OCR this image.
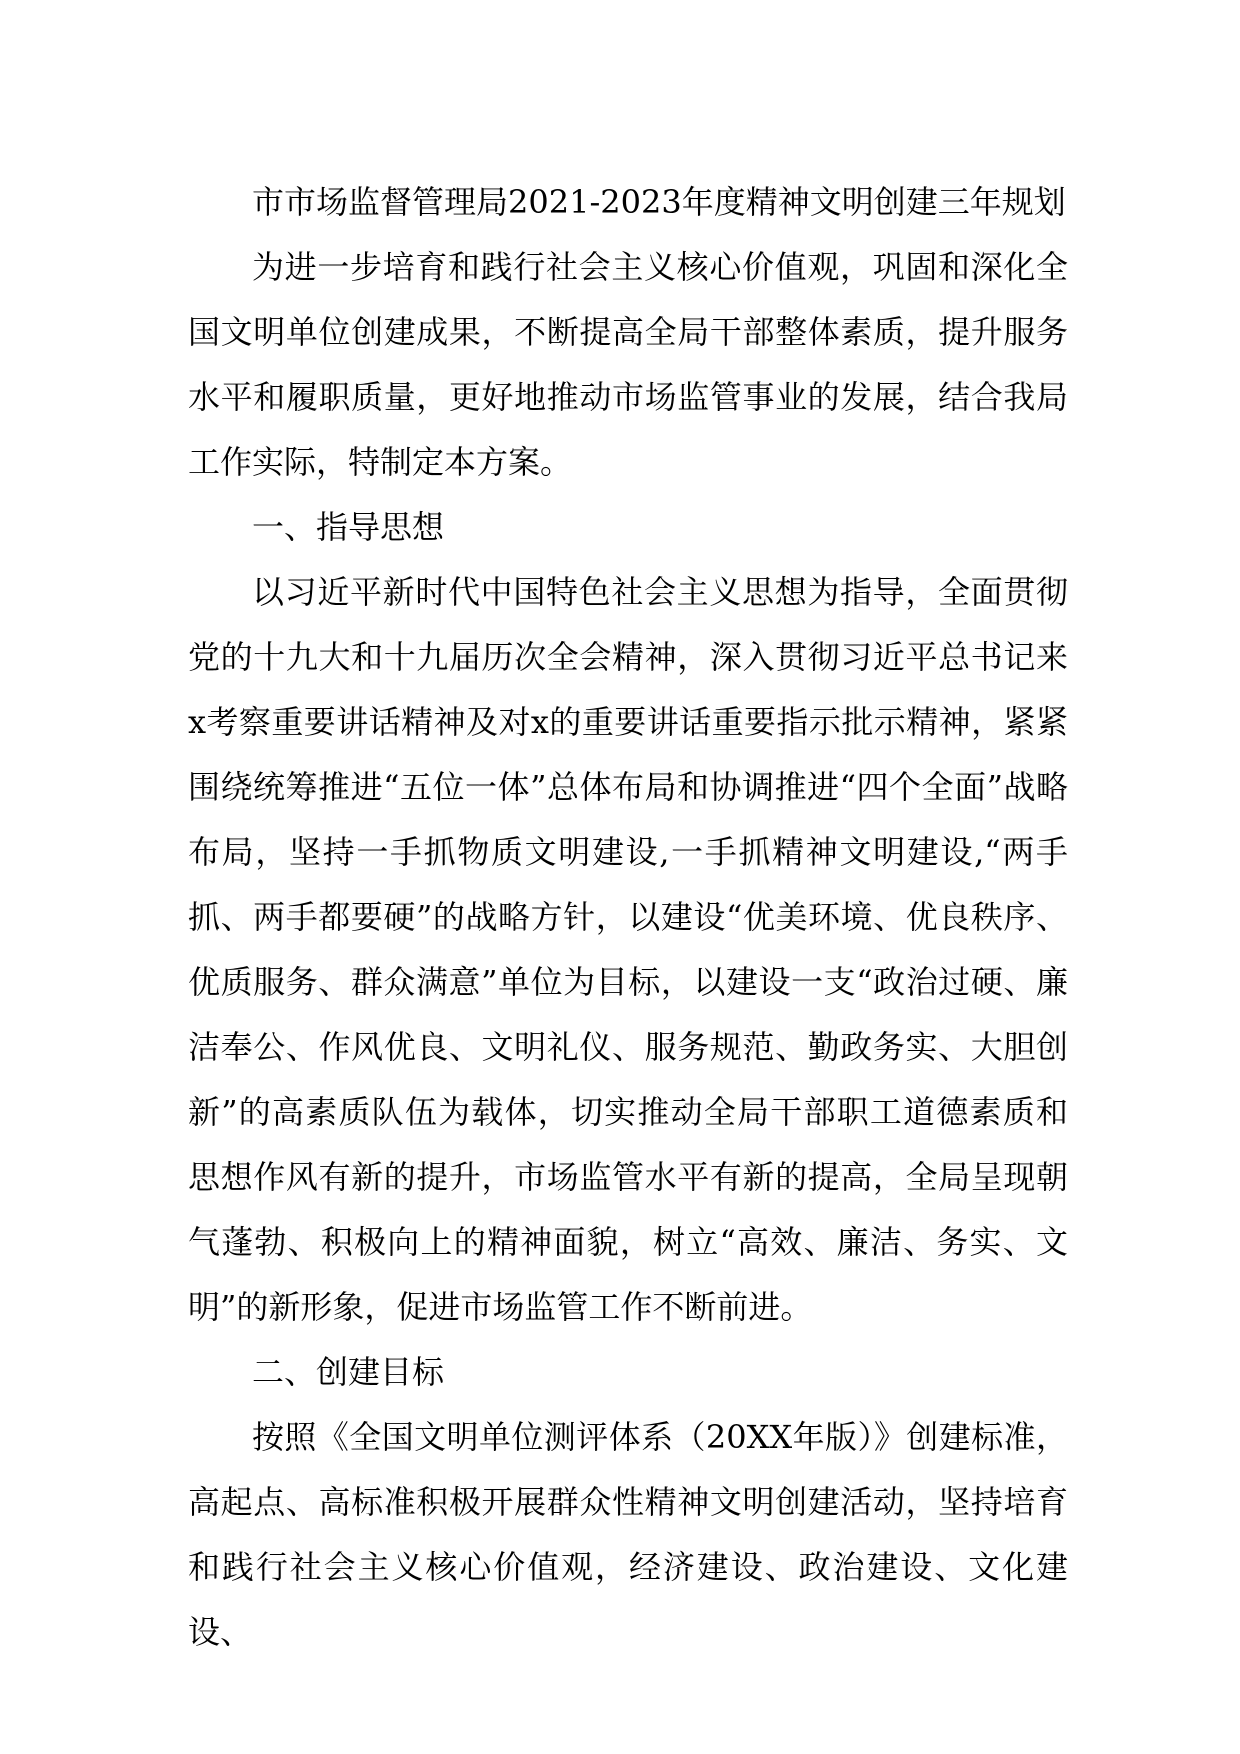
市市场监督管理局2021-2023年度精神文明创建三年规划

为进一步培育和践行社会主义核心价值观，巩固和深化全国文明单位创建成果，不断提高全局干部整体素质，提升服务水平和履职质量，更好地推动市场监管事业的发展，结合我局工作实际，特制定本方案。

一、指导思想

以习近平新时代中国特色社会主义思想为指导，全面贯彻党的十九大和十九届历次全会精神，深入贯彻习近平总书记来x考察重要讲话精神及对x的重要讲话重要指示批示精神，紧紧围绕统筹推进“五位一体”总体布局和协调推进“四个全面”战略布局，坚持一手抓物质文明建设,一手抓精神文明建设,“两手抓、两手都要硬”的战略方针，以建设“优美环境、优良秩序、优质服务、群众满意”单位为目标，以建设一支“政治过硬、廉洁奉公、作风优良、文明礼仪、服务规范、勤政务实、大胆创新”的高素质队伍为载体，切实推动全局干部职工道德素质和思想作风有新的提升，市场监管水平有新的提高，全局呈现朝气蓬勃、积极向上的精神面貌，树立“高效、廉洁、务实、文明”的新形象，促进市场监管工作不断前进。

二、创建目标

按照《全国文明单位测评体系（20XX年版）》创建标准，高起点、高标准积极开展群众性精神文明创建活动，坚持培育和践行社会主义核心价值观，经济建设、政治建设、文化建设、
